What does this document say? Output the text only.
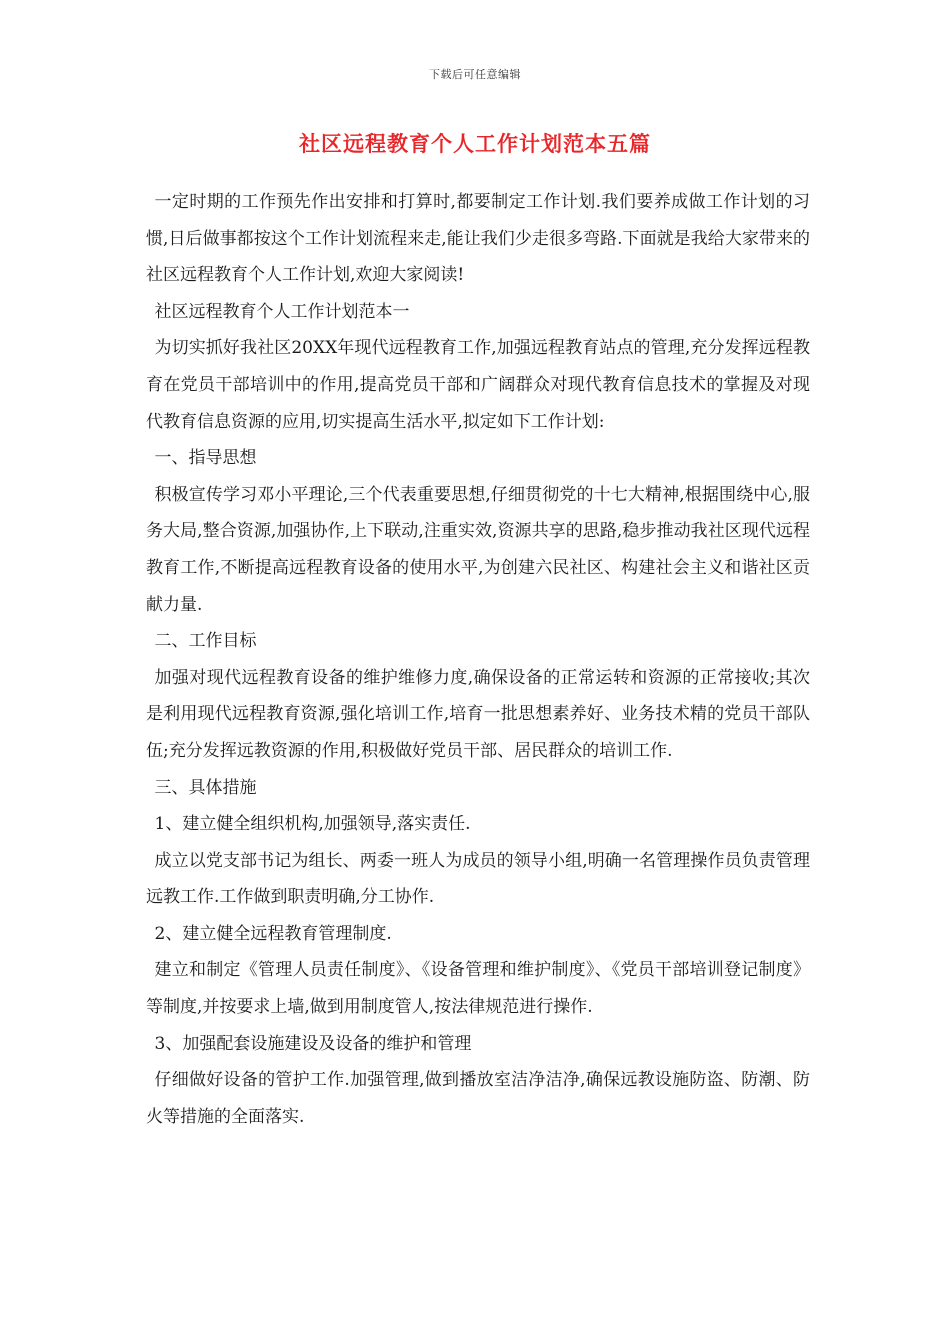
下载后可任意编辑
社区远程教育个人工作计划范本五篇

一定时期的工作预先作出安排和打算时,都要制定工作计划.我们要养成做工作计划的习惯,日后做事都按这个工作计划流程来走,能让我们少走很多弯路.下面就是我给大家带来的社区远程教育个人工作计划,欢迎大家阅读!

社区远程教育个人工作计划范本一

为切实抓好我社区20XX年现代远程教育工作,加强远程教育站点的管理,充分发挥远程教育在党员干部培训中的作用,提高党员干部和广阔群众对现代教育信息技术的掌握及对现代教育信息资源的应用,切实提高生活水平,拟定如下工作计划:

一、指导思想

积极宣传学习邓小平理论,三个代表重要思想,仔细贯彻党的十七大精神,根据围绕中心,服务大局,整合资源,加强协作,上下联动,注重实效,资源共享的思路,稳步推动我社区现代远程教育工作,不断提高远程教育设备的使用水平,为创建六民社区、构建社会主义和谐社区贡献力量.

二、工作目标

加强对现代远程教育设备的维护维修力度,确保设备的正常运转和资源的正常接收;其次是利用现代远程教育资源,强化培训工作,培育一批思想素养好、业务技术精的党员干部队伍;充分发挥远教资源的作用,积极做好党员干部、居民群众的培训工作.

三、具体措施

1、建立健全组织机构,加强领导,落实责任.

成立以党支部书记为组长、两委一班人为成员的领导小组,明确一名管理操作员负责管理远教工作.工作做到职责明确,分工协作.

2、建立健全远程教育管理制度.

建立和制定《管理人员责任制度》、《设备管理和维护制度》、《党员干部培训登记制度》等制度,并按要求上墙,做到用制度管人,按法律规范进行操作.

3、加强配套设施建设及设备的维护和管理

仔细做好设备的管护工作.加强管理,做到播放室洁净洁净,确保远教设施防盗、防潮、防火等措施的全面落实.
